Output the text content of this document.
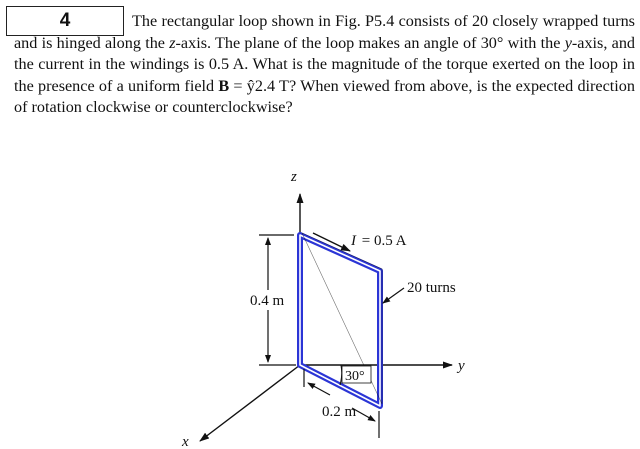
4	The rectangular loop shown in Fig. P5.4 consists of 20 closely wrapped turns and is hinged along the z-axis. The plane of the loop makes an angle of 30° with the y-axis, and the current in the windings is 0.5 A. What is the magnitude of the torque exerted on the loop in the presence of a uniform field B = ŷ2.4 T? When viewed from above, is the expected direction of rotation clockwise or counterclockwise?

z
y
x
I = 0.5 A
20 turns
0.4 m
30°
0.2 m
